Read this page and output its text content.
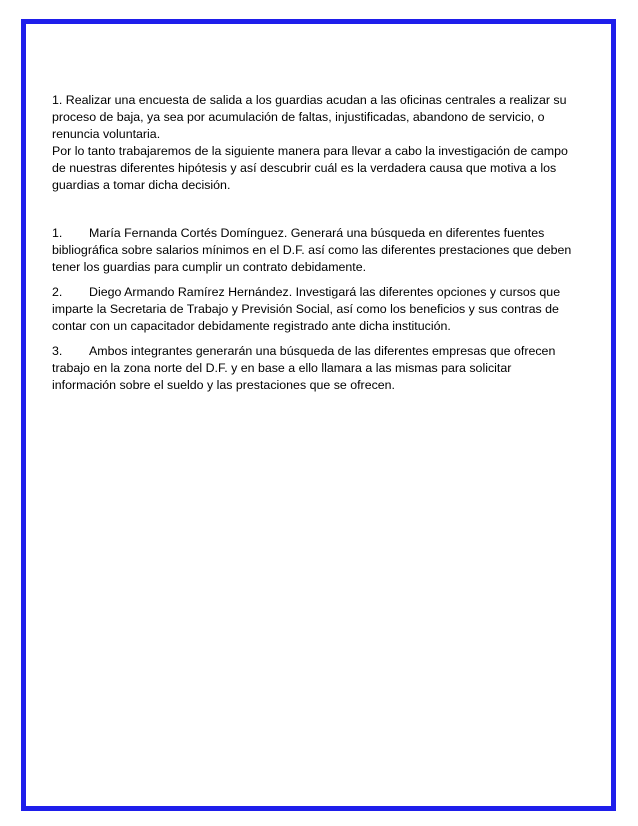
1. Realizar una encuesta de salida a los guardias acudan a las oficinas centrales a realizar su proceso de baja, ya sea por acumulación de faltas, injustificadas, abandono de servicio, o renuncia voluntaria.

Por lo tanto trabajaremos de la siguiente manera para llevar a cabo la investigación de campo de nuestras diferentes hipótesis y así descubrir cuál es la verdadera causa que motiva a los guardias a tomar dicha decisión.

1. María Fernanda Cortés Domínguez. Generará una búsqueda en diferentes fuentes bibliográfica sobre salarios mínimos en el D.F. así como las diferentes prestaciones que deben tener los guardias para cumplir un contrato debidamente.
2. Diego Armando Ramírez Hernández. Investigará las diferentes opciones y cursos que imparte la Secretaria de Trabajo y Previsión Social, así como los beneficios y sus contras de contar con un capacitador debidamente registrado ante dicha institución.
3. Ambos integrantes generarán una búsqueda de las diferentes empresas que ofrecen trabajo en la zona norte del D.F. y en base a ello llamara a las mismas para solicitar información sobre el sueldo y las prestaciones que se ofrecen.
